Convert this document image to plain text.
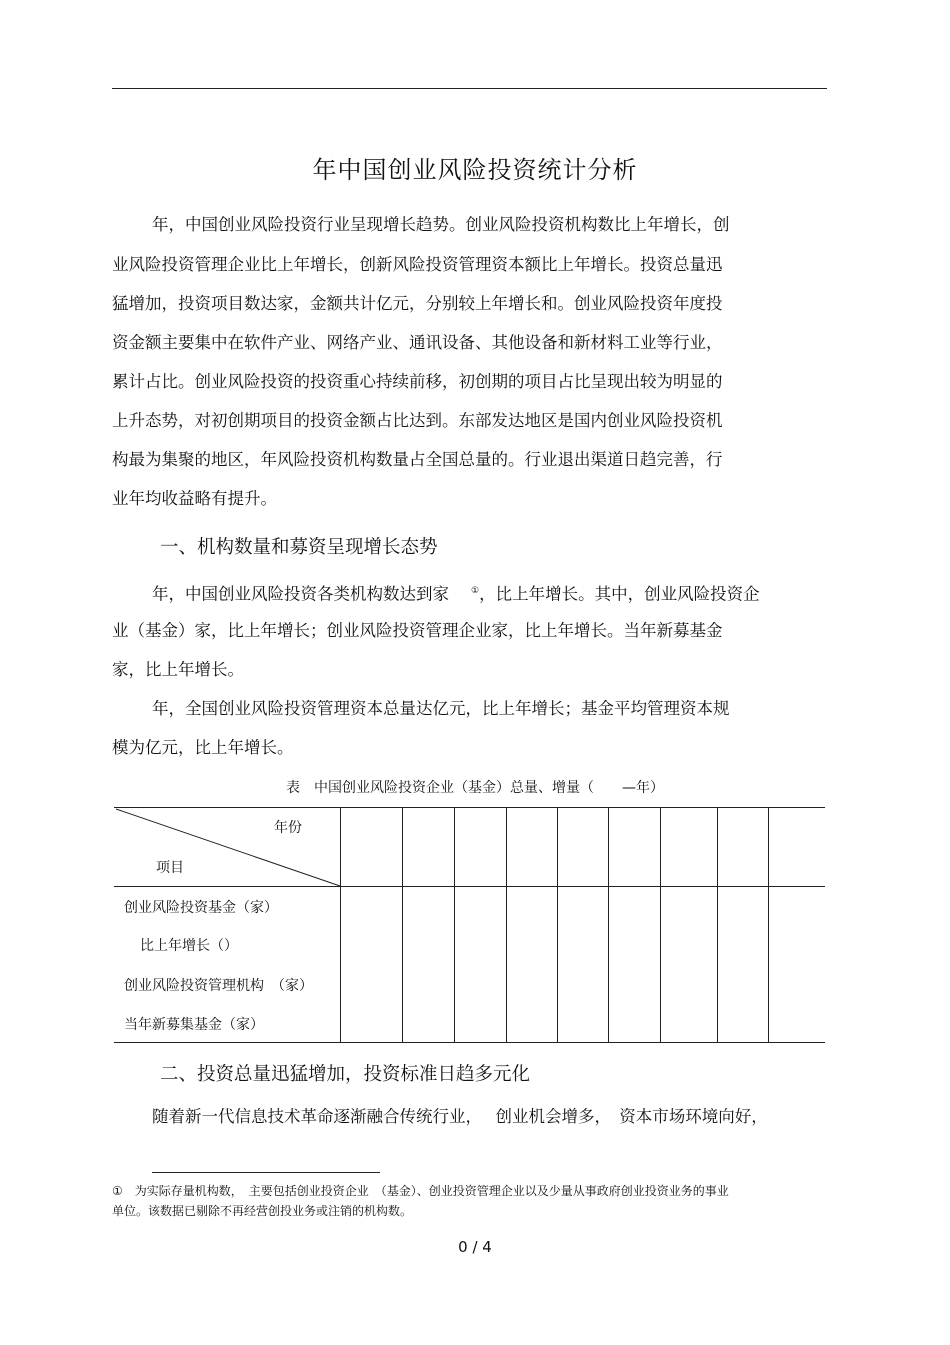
年中国创业风险投资统计分析
年，中国创业风险投资行业呈现增长趋势。创业风险投资机构数比上年增长，创
业风险投资管理企业比上年增长，创新风险投资管理资本额比上年增长。投资总量迅
猛增加，投资项目数达家，金额共计亿元，分别较上年增长和。创业风险投资年度投
资金额主要集中在软件产业、网络产业、通讯设备、其他设备和新材料工业等行业，
累计占比。创业风险投资的投资重心持续前移，初创期的项目占比呈现出较为明显的
上升态势，对初创期项目的投资金额占比达到。东部发达地区是国内创业风险投资机
构最为集聚的地区，年风险投资机构数量占全国总量的。行业退出渠道日趋完善，行
业年均收益略有提升。
一、机构数量和募资呈现增长态势
年，中国创业风险投资各类机构数达到家 ①，比上年增长。其中，创业风险投资企
业（基金）家，比上年增长；创业风险投资管理企业家，比上年增长。当年新募基金
家，比上年增长。
年，全国创业风险投资管理资本总量达亿元，比上年增长；基金平均管理资本规
模为亿元，比上年增长。
表　中国创业风险投资企业（基金）总量、增量（　　—年）
年份
项目
创业风险投资基金（家）
比上年增长（）
创业风险投资管理机构　（家）
当年新募集基金（家）
二、投资总量迅猛增加，投资标准日趋多元化
随着新一代信息技术革命逐渐融合传统行业，　 创业机会增多，　资本市场环境向好，
①　为实际存量机构数，　主要包括创业投资企业　（基金）、创业投资管理企业以及少量从事政府创业投资业务的事业
单位。该数据已剔除不再经营创投业务或注销的机构数。
0 / 4
